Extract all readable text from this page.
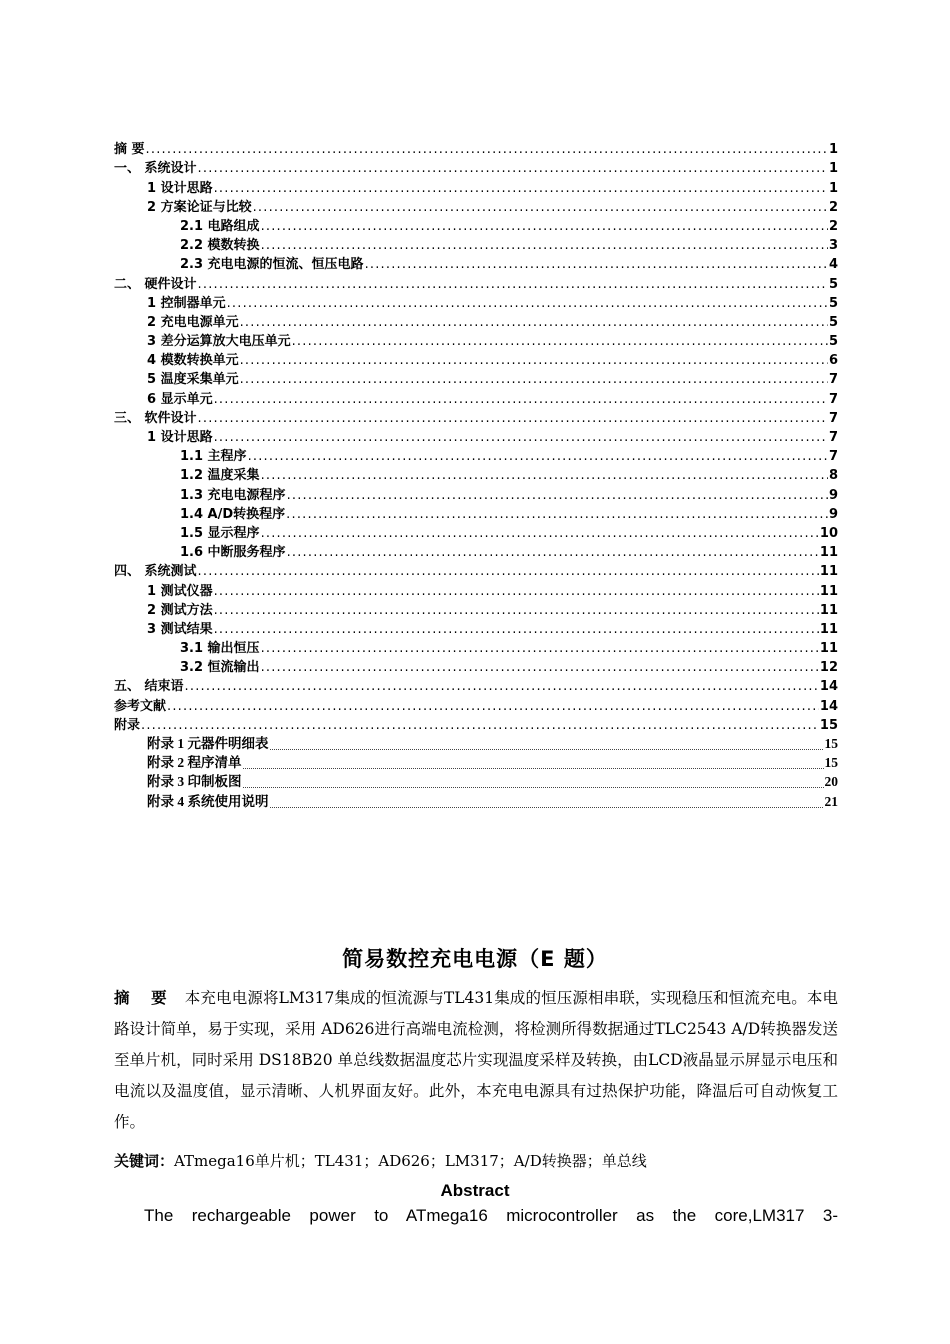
摘 要 .....	1
一、 系统设计 .....	1
1 设计思路 .....	1
2 方案论证与比较 .....	2
2.1 电路组成 .....	2
2.2 模数转换 .....	3
2.3 充电电源的恒流、恒压电路 .....	4
二、 硬件设计 .....	5
1 控制器单元 .....	5
2 充电电源单元 .....	5
3 差分运算放大电压单元 .....	5
4 模数转换单元 .....	6
5 温度采集单元 .....	7
6 显示单元 .....	7
三、 软件设计 .....	7
1 设计思路 .....	7
1.1 主程序 .....	7
1.2 温度采集 .....	8
1.3 充电电源程序 .....	9
1.4 A/D转换程序 .....	9
1.5 显示程序 .....	10
1.6 中断服务程序 .....	11
四、 系统测试 .....	11
1 测试仪器 .....	11
2 测试方法 .....	11
3 测试结果 .....	11
3.1 输出恒压 .....	11
3.2 恒流输出 .....	12
五、 结束语 .....	14
参考文献 .....	14
附录 .....	15
附录 1 元器件明细表 .....	15
附录 2 程序清单 .....	15
附录 3 印制板图 .....	20
附录 4 系统使用说明 .....	21
简易数控充电电源（E 题）
摘 要 本充电电源将LM317集成的恒流源与TL431集成的恒压源相串联，实现稳压和恒流充电。本电路设计简单，易于实现，采用 AD626进行高端电流检测，将检测所得数据通过TLC2543 A/D转换器发送至单片机，同时采用 DS18B20 单总线数据温度芯片实现温度采样及转换，由LCD液晶显示屏显示电压和电流以及温度值，显示清晰、人机界面友好。此外，本充电电源具有过热保护功能，降温后可自动恢复工作。
关键词：ATmega16单片机；TL431；AD626；LM317；A/D转换器；单总线
Abstract
The rechargeable power to ATmega16 microcontroller as the core,LM317 3-
